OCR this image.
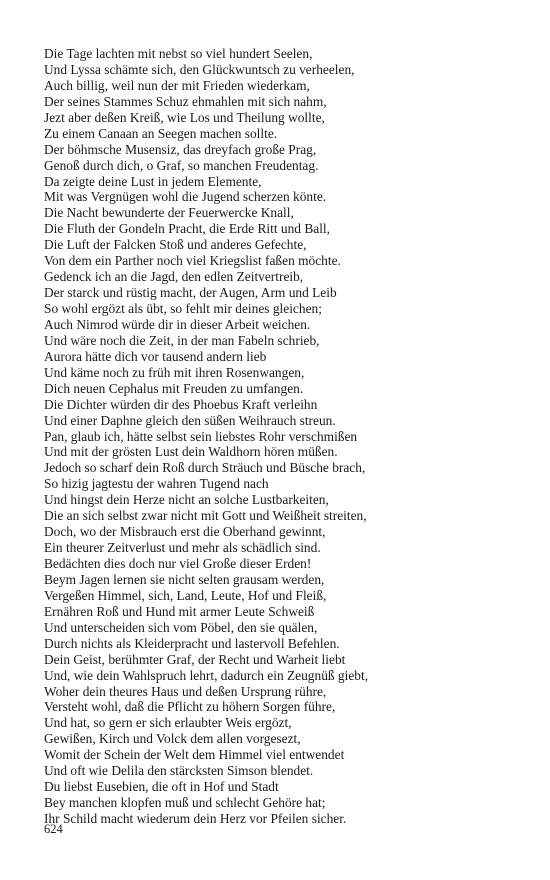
Die Tage lachten mit nebst so viel hundert Seelen,
Und Lyssa schämte sich, den Glückwuntsch zu verheelen,
Auch billig, weil nun der mit Frieden wiederkam,
Der seines Stammes Schuz ehmahlen mit sich nahm,
Jezt aber deßen Kreiß, wie Los und Theilung wollte,
Zu einem Canaan an Seegen machen sollte.
Der böhmsche Musensiz, das dreyfach große Prag,
Genoß durch dich, o Graf, so manchen Freudentag.
Da zeigte deine Lust in jedem Elemente,
Mit was Vergnügen wohl die Jugend scherzen könte.
Die Nacht bewunderte der Feuerwercke Knall,
Die Fluth der Gondeln Pracht, die Erde Ritt und Ball,
Die Luft der Falcken Stoß und anderes Gefechte,
Von dem ein Parther noch viel Kriegslist faßen möchte.
Gedenck ich an die Jagd, den edlen Zeitvertreib,
Der starck und rüstig macht, der Augen, Arm und Leib
So wohl ergözt als übt, so fehlt mir deines gleichen;
Auch Nimrod würde dir in dieser Arbeit weichen.
Und wäre noch die Zeit, in der man Fabeln schrieb,
Aurora hätte dich vor tausend andern lieb
Und käme noch zu früh mit ihren Rosenwangen,
Dich neuen Cephalus mit Freuden zu umfangen.
Die Dichter würden dir des Phoebus Kraft verleihn
Und einer Daphne gleich den süßen Weihrauch streun.
Pan, glaub ich, hätte selbst sein liebstes Rohr verschmißen
Und mit der grösten Lust dein Waldhorn hören müßen.
Jedoch so scharf dein Roß durch Sträuch und Büsche brach,
So hizig jagtestu der wahren Tugend nach
Und hingst dein Herze nicht an solche Lustbarkeiten,
Die an sich selbst zwar nicht mit Gott und Weißheit streiten,
Doch, wo der Misbrauch erst die Oberhand gewinnt,
Ein theurer Zeitverlust und mehr als schädlich sind.
Bedächten dies doch nur viel Große dieser Erden!
Beym Jagen lernen sie nicht selten grausam werden,
Vergeßen Himmel, sich, Land, Leute, Hof und Fleiß,
Ernähren Roß und Hund mit armer Leute Schweiß
Und unterscheiden sich vom Pöbel, den sie quälen,
Durch nichts als Kleiderpracht und lastervoll Befehlen.
Dein Geist, berühmter Graf, der Recht und Warheit liebt
Und, wie dein Wahlspruch lehrt, dadurch ein Zeugnüß giebt,
Woher dein theures Haus und deßen Ursprung rühre,
Versteht wohl, daß die Pflicht zu höhern Sorgen führe,
Und hat, so gern er sich erlaubter Weis ergözt,
Gewißen, Kirch und Volck dem allen vorgesezt,
Womit der Schein der Welt dem Himmel viel entwendet
Und oft wie Delila den stärcksten Simson blendet.
Du liebst Eusebien, die oft in Hof und Stadt
Bey manchen klopfen muß und schlecht Gehöre hat;
Ihr Schild macht wiederum dein Herz vor Pfeilen sicher.
624
